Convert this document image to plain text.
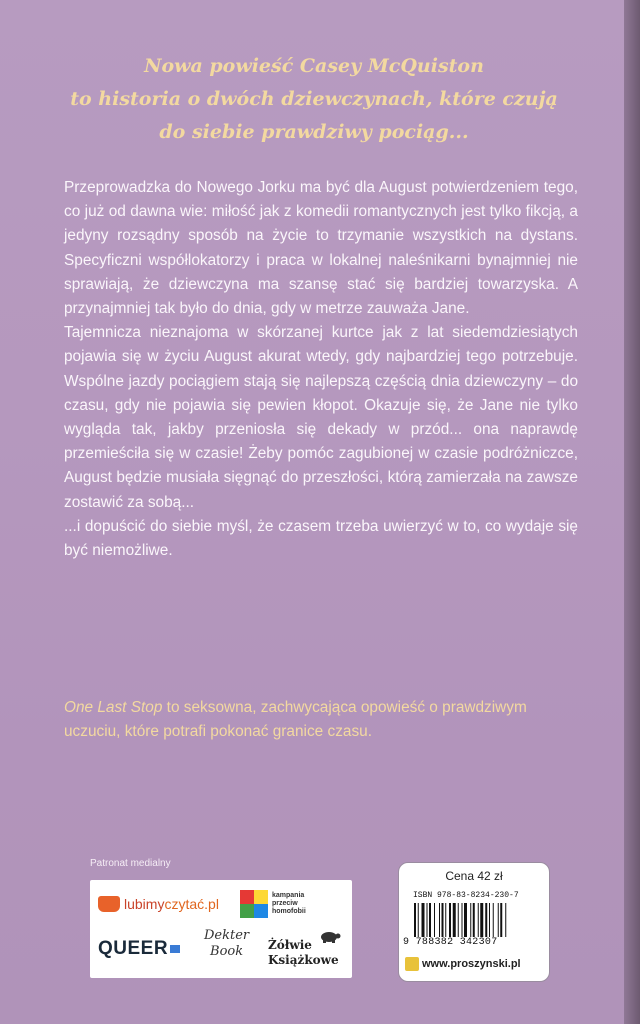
Nowa powieść Casey McQuiston
to historia o dwóch dziewczynach, które czują
do siebie prawdziwy pociąg...

Przeprowadzka do Nowego Jorku ma być dla August potwierdzeniem tego, co już od dawna wie: miłość jak z komedii romantycznych jest tylko fikcją, a jedyny rozsądny sposób na życie to trzymanie wszystkich na dystans. Specyficzni współlokatorzy i praca w lokalnej naleśnikarni bynajmniej nie sprawiają, że dziewczyna ma szansę stać się bardziej towarzyska. A przynajmniej tak było do dnia, gdy w metrze zauważa Jane.

Tajemnicza nieznajoma w skórzanej kurtce jak z lat siedemdziesiątych pojawia się w życiu August akurat wtedy, gdy najbardziej tego potrzebuje. Wspólne jazdy pociągiem stają się najlepszą częścią dnia dziewczyny – do czasu, gdy nie pojawia się pewien kłopot. Okazuje się, że Jane nie tylko wygląda tak, jakby przeniosła się dekady w przód... ona naprawdę przemieściła się w czasie! Żeby pomóc zagubionej w czasie podróżniczce, August będzie musiała sięgnąć do przeszłości, którą zamierzała na zawsze zostawić za sobą...

...i dopuścić do siebie myśl, że czasem trzeba uwierzyć w to, co wydaje się być niemożliwe.

One Last Stop to seksowna, zachwycająca opowieść o prawdziwym uczuciu, które potrafi pokonać granice czasu.
Patronat medialny
lubimyczytać.pl
kampania przeciw homofobii
QUEER
Dekter
Book	Żółwie
Książkowe
Cena 42 zł
ISBN 978-83-8234-230-7
9 788382 342307
www.proszynski.pl
